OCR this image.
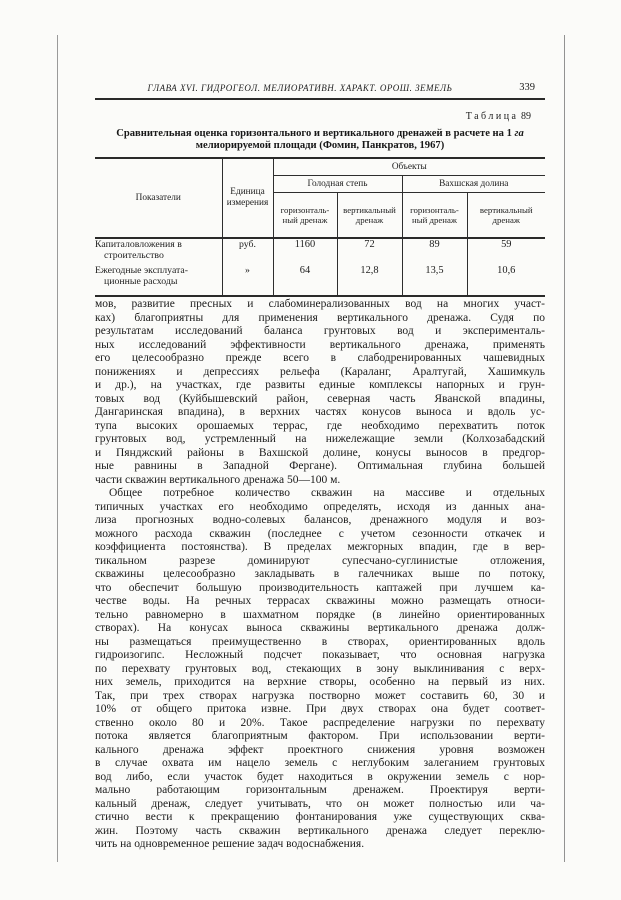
ГЛАВА XVI. ГИДРОГЕОЛ. МЕЛИОРАТИВН. ХАРАКТ. ОРОШ. ЗЕМЕЛЬ	339
Таблица 89
Сравнительная оценка горизонтального и вертикального дренажей в расчете на 1 га
мелиорируемой площади (Фомин, Панкратов, 1967)
Показатели	Единица измерения	Объекты			
		Голодная степь		Вахшская долина	
		горизонтальный дренаж	вертикальный дренаж	горизонтальный дренаж	вертикальный дренаж

Капиталовложения в
строительство	руб.	1160	72	89	59

Ежегодные эксплуата-
ционные расходы	»	64	12,8	13,5	10,6
мов, развитие пресных и слабоминерализованных вод на многих участ-
ках) благоприятны для применения вертикального дренажа. Судя по
результатам исследований баланса грунтовых вод и эксперименталь-
ных исследований эффективности вертикального дренажа, применять
его целесообразно прежде всего в слабодренированных чашевидных
понижениях и депрессиях рельефа (Караланг, Аралтугай, Хашимкуль
и др.), на участках, где развиты единые комплексы напорных и грун-
товых вод (Куйбышевский район, северная часть Яванской впадины,
Дангаринская впадина), в верхних частях конусов выноса и вдоль ус-
тупа высоких орошаемых террас, где необходимо перехватить поток
грунтовых вод, устремленный на нижележащие земли (Колхозабадский
и Пянджский районы в Вахшской долине, конусы выносов в предгор-
ные равнины в Западной Фергане). Оптимальная глубина большей
части скважин вертикального дренажа 50—100 м.
Общее потребное количество скважин на массиве и отдельных
типичных участках его необходимо определять, исходя из данных ана-
лиза прогнозных водно-солевых балансов, дренажного модуля и воз-
можного расхода скважин (последнее с учетом сезонности откачек и
коэффициента постоянства). В пределах межгорных впадин, где в вер-
тикальном разрезе доминируют супесчано-суглинистые отложения,
скважины целесообразно закладывать в галечниках выше по потоку,
что обеспечит большую производительность каптажей при лучшем ка-
честве воды. На речных террасах скважины можно размещать относи-
тельно равномерно в шахматном порядке (в линейно ориентированных
створах). На конусах выноса скважины вертикального дренажа долж-
ны размещаться преимущественно в створах, ориентированных вдоль
гидроизогипс. Несложный подсчет показывает, что основная нагрузка
по перехвату грунтовых вод, стекающих в зону выклинивания с верх-
них земель, приходится на верхние створы, особенно на первый из них.
Так, при трех створах нагрузка постворно может составить 60, 30 и
10% от общего притока извне. При двух створах она будет соответ-
ственно около 80 и 20%. Такое распределение нагрузки по перехвату
потока является благоприятным фактором. При использовании верти-
кального дренажа эффект проектного снижения уровня возможен
в случае охвата им нацело земель с неглубоким залеганием грунтовых
вод либо, если участок будет находиться в окружении земель с нор-
мально работающим горизонтальным дренажем. Проектируя верти-
кальный дренаж, следует учитывать, что он может полностью или ча-
стично вести к прекращению фонтанирования уже существующих сква-
жин. Поэтому часть скважин вертикального дренажа следует переклю-
чить на одновременное решение задач водоснабжения.
